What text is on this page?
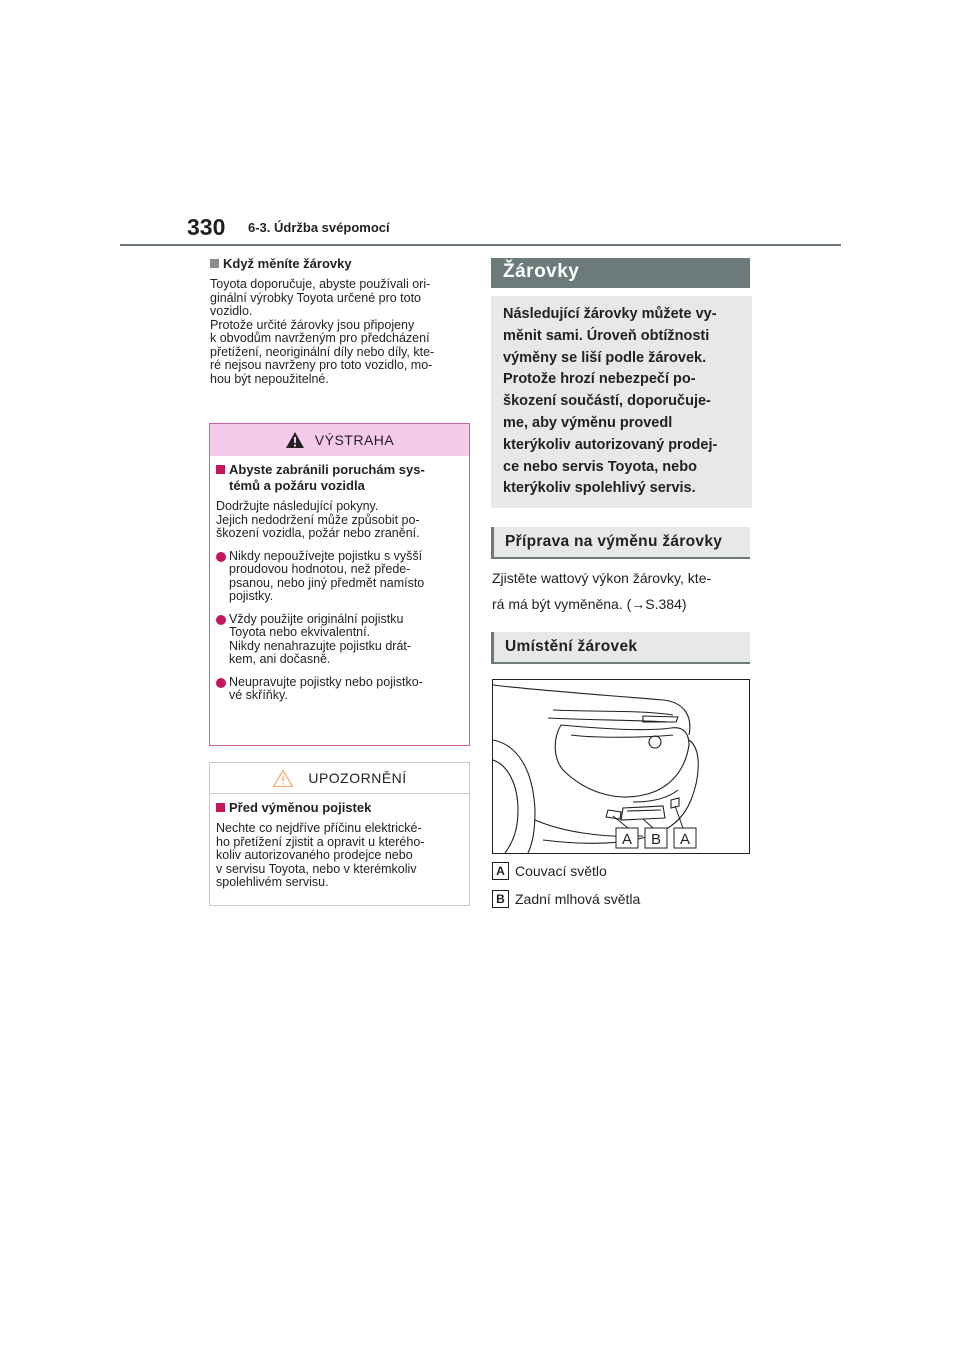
330 6-3. Údržba svépomocí
Když měníte žárovky
Toyota doporučuje, abyste používali ori-
ginální výrobky Toyota určené pro toto
vozidlo.
Protože určité žárovky jsou připojeny
k obvodům navrženým pro předcházení
přetížení, neoriginální díly nebo díly, kte-
ré nejsou navrženy pro toto vozidlo, mo-
hou být nepoužitelné.
VÝSTRAHA
Abyste zabránili poruchám sys-
témů a požáru vozidla
Dodržujte následující pokyny.
Jejich nedodržení může způsobit po-
škození vozidla, požár nebo zranění.
Nikdy nepoužívejte pojistku s vyšší
proudovou hodnotou, než přede-
psanou, nebo jiný předmět namísto
pojistky.
Vždy použijte originální pojistku
Toyota nebo ekvivalentní.
Nikdy nenahrazujte pojistku drát-
kem, ani dočasně.
Neupravujte pojistky nebo pojistko-
vé skříňky.
UPOZORNĚNÍ
Před výměnou pojistek
Nechte co nejdříve příčinu elektrické-
ho přetížení zjistit a opravit u kterého-
koliv autorizovaného prodejce nebo
v servisu Toyota, nebo v kterémkoliv
spolehlivém servisu.
Žárovky
Následující žárovky můžete vy-
měnit sami. Úroveň obtížnosti
výměny se liší podle žárovek.
Protože hrozí nebezpečí po-
škození součástí, doporučuje-
me, aby výměnu provedl
kterýkoliv autorizovaný prodej-
ce nebo servis Toyota, nebo
kterýkoliv spolehlivý servis.
Příprava na výměnu žárovky
Zjistěte wattový výkon žárovky, kte-
rá má být vyměněna. (→S.384)
Umístění žárovek
A B A
A Couvací světlo
B Zadní mlhová světla
